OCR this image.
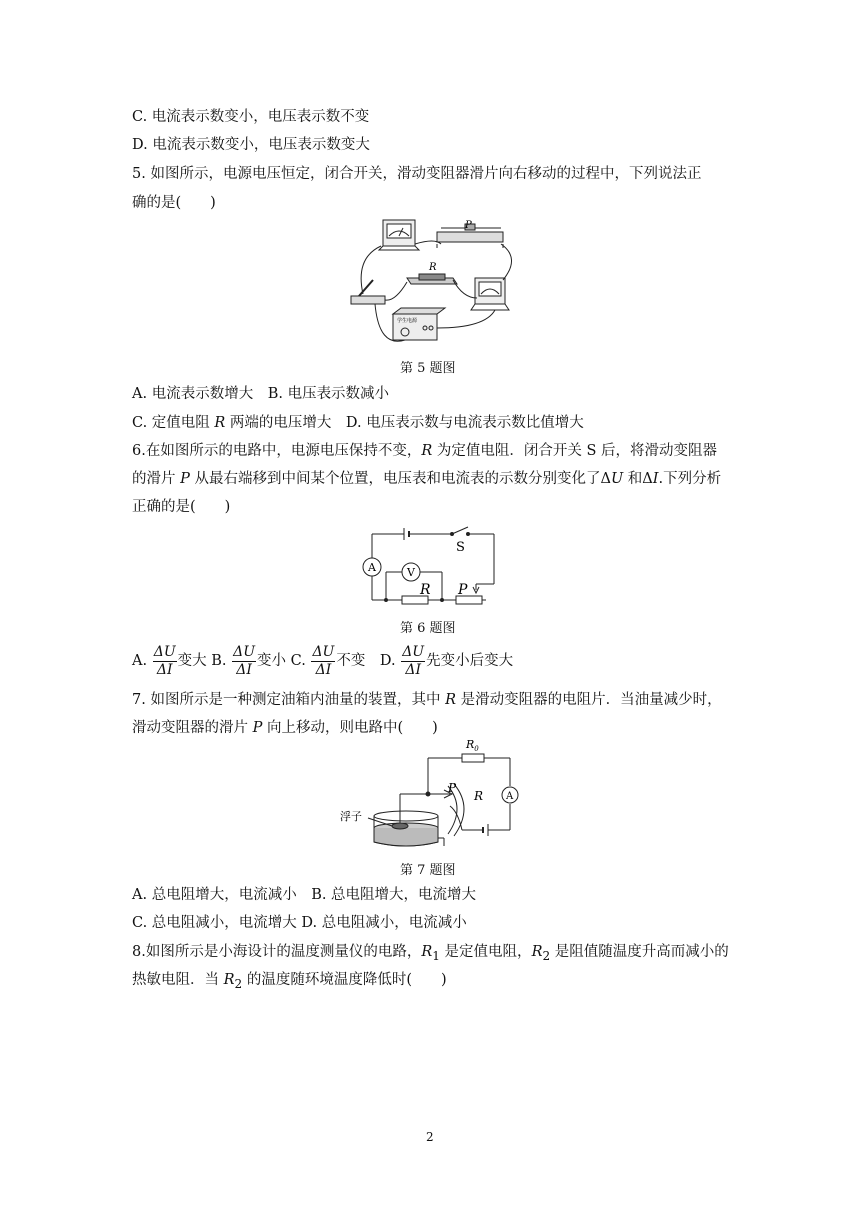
C. 电流表示数变小，电压表示数不变
D. 电流表示数变小，电压表示数变大
5. 如图所示，电源电压恒定，闭合开关，滑动变阻器滑片向右移动的过程中，下列说法正
确的是(　　)
P
R
学生电源
第 5 题图
A. 电流表示数增大　B. 电压表示数减小
C. 定值电阻 R 两端的电压增大　D. 电压表示数与电流表示数比值增大
6.在如图所示的电路中，电源电压保持不变，R 为定值电阻．闭合开关 S 后，将滑动变阻器
的滑片 P 从最右端移到中间某个位置，电压表和电流表的示数分别变化了ΔU 和ΔI.下列分析
正确的是(　　)
A	V
S
R P
第 6 题图
A. $\frac{\Delta U}{\Delta I}$ 变大 B. $\frac{\Delta U}{\Delta I}$ 变小 C. $\frac{\Delta U}{\Delta I}$ 不变　D. $\frac{\Delta U}{\Delta I}$ 先变小后变大
7. 如图所示是一种测定油箱内油量的装置，其中 R 是滑动变阻器的电阻片．当油量减少时，
滑动变阻器的滑片 P 向上移动，则电路中(　　)
$R_0$
P
R A
浮子
第 7 题图
A. 总电阻增大，电流减小　B. 总电阻增大，电流增大
C. 总电阻减小，电流增大 D. 总电阻减小，电流减小
8.如图所示是小海设计的温度测量仪的电路，$R_1$ 是定值电阻，$R_2$ 是阻值随温度升高而减小的
热敏电阻．当 $R_2$ 的温度随环境温度降低时(　　)
2
